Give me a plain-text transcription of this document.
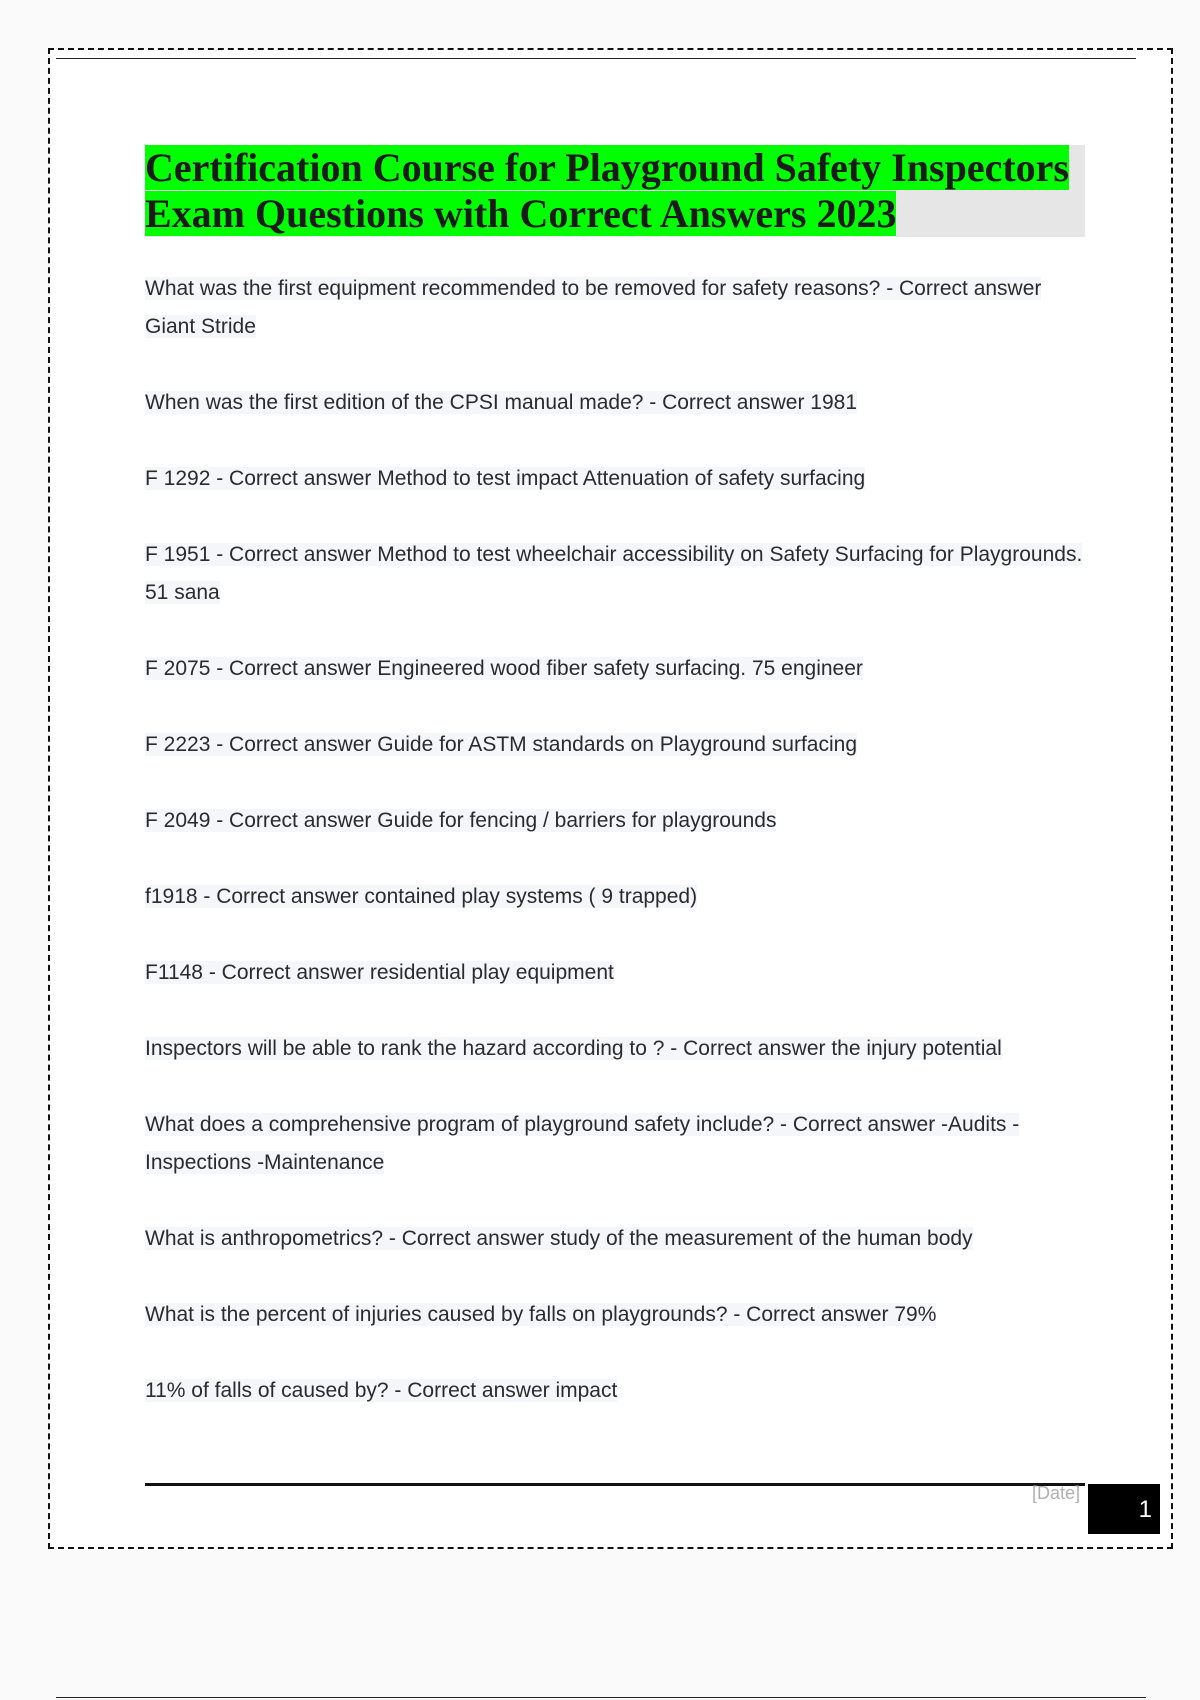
Certification Course for Playground Safety Inspectors
Exam Questions with Correct Answers 2023
What was the first equipment recommended to be removed for safety reasons? - Correct answer Giant Stride
When was the first edition of the CPSI manual made? - Correct answer 1981
F 1292 - Correct answer Method to test impact Attenuation of safety surfacing
F 1951 - Correct answer Method to test wheelchair accessibility on Safety Surfacing for Playgrounds. 51 sana
F 2075 - Correct answer Engineered wood fiber safety surfacing. 75 engineer
F 2223 - Correct answer Guide for ASTM standards on Playground surfacing
F 2049 - Correct answer Guide for fencing / barriers for playgrounds
f1918 - Correct answer contained play systems ( 9 trapped)
F1148 - Correct answer residential play equipment
Inspectors will be able to rank the hazard according to ? - Correct answer the injury potential
What does a comprehensive program of playground safety include? - Correct answer -Audits -Inspections -Maintenance
What is anthropometrics? - Correct answer study of the measurement of the human body
What is the percent of injuries caused by falls on playgrounds? - Correct answer 79%
11% of falls of caused by? - Correct answer impact
[Date]
1
